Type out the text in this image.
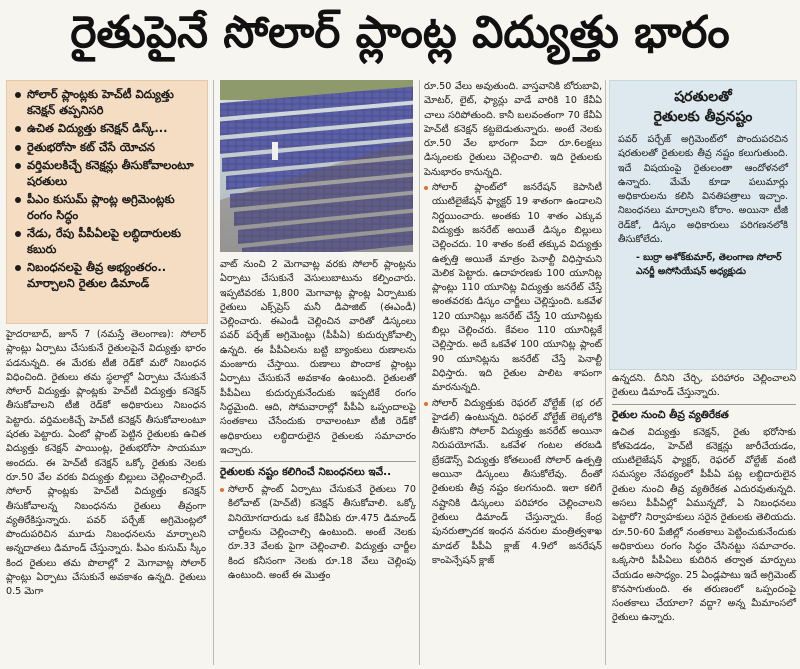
రైతుపైనే సోలార్ ప్లాంట్ల విద్యుత్తు భారం
సోలార్ ప్లాంట్లకు హెచ్‌టీ విద్యుత్తు కనెక్షన్ తప్పనిసరి
ఉచిత విద్యుత్తు కనెక్షన్ డిస్క్...
రైతుభరోసా కట్ చేసే యోచన
వర్తిమలకిచ్చే కనెక్షన్లు తీసుకోవాలంటూ షరతులు
పీఎం కుసుమ్ ప్లాంట్ల అగ్రిమెంట్లకు రంగం సిద్ధం
నేడు, రేపు పీపీఏలపై లబ్ధిదారులకు కబురు
నిబంధనలపై తీవ్ర అభ్యంతరం.. మార్చాలని రైతుల డిమాండ్

హైదరాబాద్, జూన్ 7 (నమస్తే తెలంగాణ): సోలార్ ప్లాంట్లు ఏర్పాటు చేసుకునే రైతులపైనే విద్యుత్తు భారం పడనున్నది. ఈ మేరకు టీజీ రెడ్‌కో మరో నిబంధన విధించింది. రైతులు తమ స్థలాల్లో ఏర్పాటు చేసుకునే సోలార్ విద్యుత్తు ప్లాంట్లకు హెచ్‌టీ విద్యుత్తు కనెక్షన్ తీసుకోవాలని టీజీ రెడ్‌కో అధికారులు నిబంధన పెట్టారు. వర్తిమలకిచ్చే హెచ్‌టీ కనెక్షన్ తీసుకోవాలంటూ షరతు పెట్టారు. ఏంటో ప్లాంట్ పెట్టిన రైతులకు ఉచిత విద్యుత్తు కనెక్షన్ పాయింట్ల, రైతుభరోసా సాయమూ అందదు. ఈ హెచ్‌టీ కనెక్షన్ ఒక్కో రైతుకు నెలకు రూ.50 వేల వరకు విద్యుత్తు బిల్లులు చెల్లించాల్సిందే. సోలార్ ప్లాంట్లకు హెచ్‌టీ విద్యుత్తు కనెక్షన్ తీసుకోవాలన్న నిబంధనను రైతులు తీవ్రంగా వ్యతిరేకిస్తున్నారు. పవర్ పర్చేజ్ అగ్రిమెంట్లలో పొందుపరిచిన మూడు నిబంధనలను మార్చాలని అన్నదాతలు డిమాండ్ చేస్తున్నారు. పీఎం కుసుమ్ స్కీం కింద రైతులు తమ పొలాల్లో 2 మెగావాట్ల సోలార్ ప్లాంట్లు ఏర్పాటు చేసుకునే అవకాశం ఉన్నది. రైతులు 0.5 మెగా

వాట్ నుంచి 2 మెగావాట్ల వరకు సోలార్ ప్లాంట్లను ఏర్పాటు చేసుకునే వెసులుబాటును కల్పించారు. ఇప్పటివరకు 1,800 మెగావాట్ల ప్లాంట్ల ఏర్పాటుకు రైతులు ఎక్స్‌ప్రెస్ మనీ డిపాజిట్ (ఈఎండీ) చెల్లించారు. ఈఎండీ చెల్లించిన వారితో డిస్కంలు పవర్ పర్చేజ్ అగ్రిమెంట్లు (పీపీఏ) కుదుర్చుకోవాల్సి ఉన్నది. ఈ పీపీఏలను బట్టి బ్యాంకులు రుణాలను మంజూరు చేస్తాయి. రుణాలు పొందాక ప్లాంట్లు ఏర్పాటు చేసుకునే అవకాశం ఉంటుంది. రైతులతో పీపీఏలు కుదుర్చుకునేందుకు ఇప్పటికే రంగం సిద్ధమైంది. ఆది, సోమవారాల్లో పీపీఏ ఒప్పందాలపై సంతకాలు చేసేందుకు రావాలంటూ టీజీ రెడ్‌కో అధికారులు లబ్ధిదారులైన రైతులకు సమాచారం ఇచ్చారు.

రైతులకు నష్టం కలిగించే నిబంధనలు ఇవే..

సోలార్ ప్లాంట్ ఏర్పాటు చేసుకునే రైతులు 70 కిలోవాట్ (హెచ్‌టీ) కనెక్షన్ తీసుకోవాలి. ఒక్కో వినియోగదారుడు ఒక కేవీఏకు రూ.475 డిమాండ్ చార్జీలను చెల్లించాల్సి ఉంటుంది. అంటే నెలకు రూ.33 వేలకు పైగా చెల్లించాలి. విద్యుత్తు చార్జీల కింద కనీసంగా నెలకు రూ.18 వేలు చెల్లింపు ఉంటుంది. అంటే ఈ మొత్తం

రూ.50 వేలు అవుతుంది. వాస్తవానికి బోరుబావి, మోటర్, లైట్, ఫ్యాన్లు వాడే వారికి 10 కేవీఏ చాలు సరిపోతుంది. కానీ బలవంతంగా 70 కేవీఏ హెచ్‌టీ కనెక్షన్ కట్టబెడుతున్నారు. అంటే నెలకు రూ.50 వేల భారంగా పేదా రూ.6లక్షలు డిస్కంలకు రైతులు చెల్లించాలి. ఇది రైతులకు పెనుభారం కానున్నది.

సోలార్ ప్లాంట్‌లో జనరేషన్ కెపాసిటీ యుటిలైజేషన్ ఫ్యాక్టర్ 19 శాతంగా ఉండాలని నిర్ణయించారు. అంతకు 10 శాతం ఎక్కువ విద్యుత్తు జనరేట్ అయితే డిస్కం బిల్లులు చెల్లించదు. 10 శాతం కంటే తక్కువ విద్యుత్తు ఉత్పత్తి అయితే మాత్రం పెనాల్టీ విధిస్తామని మెలిక పెట్టారు. ఉదాహరణకు 100 యూనిట్ల ప్లాంట్లు 110 యూనిట్ల విద్యుత్తు జనరేట్ చేస్తే అంతవరకు డిస్కం చార్జీలు చెల్లిస్తుంది. ఒకవేళ 120 యూనిట్లు జనరేట్ చేస్తే 10 యూనిట్లకు బిల్లు చెల్లించరు. కేవలం 110 యూనిట్లకే చెల్లిస్తారు. అదే ఒకవేళ 100 యూనిట్ల ప్లాంట్ 90 యూనిట్లను జనరేట్ చేస్తే పెనాల్టీ విధిస్తారు. ఇది రైతుల పాలిట శాపంగా మారనున్నది.

సోలార్ విద్యుత్తుకు రెఫరల్ వోల్టేజ్ (భ రల్ హైడల్) ఉంటున్నది. రిఫరల్ వోల్టేజ్ లెక్కలోకి తీసుకొని సోలార్ విద్యుత్తు జనరేట్ అయినా నిరుపయోగమే. ఒకవేళ గంటల తరబడి బ్రేకడౌన్స్ విద్యుత్తు కోతలుంటే సోలార్ ఉత్పత్తి అయినా డిస్కంలు తీసుకోలేవు. దీంతో రైతులకు తీవ్ర నష్టం కలగనుంది. ఇలా కలిగే నష్టానికి డిస్కంలు పరిహారం చెల్లించాలని రైతులు డిమాండ్ చేస్తున్నారు. కేంద్ర పునరుత్పాదక ఇంధన వనరుల మంత్రిత్వశాఖ మాడల్ పీపీఏ క్లాజ్ 4.9లో జనరేషన్ కాంపెన్సేషన్ క్లాజ్

షరతులతో
రైతులకు తీవ్రనష్టం
పవర్ పర్చేజ్ అగ్రిమెంట్‌లో పొందుపరచిన షరతులతో రైతులకు తీవ్ర నష్టం కలుగుతుంది. ఇదే విషయంపై రైతులంతా ఆందోళనలో ఉన్నారు. మేమే కూడా పలుమార్లు అధికారులను కలిసి వినతిపత్రాలు ఇచ్చాం. నిబంధనలు మార్చాలని కోరాం. అయినా టీజీ రెడ్‌కో, డిస్కం అధికారులు పరిగణనలోకి తీసుకోలేదు.
- బుర్రా అశోక్‌కుమార్, తెలంగాణ సోలార్ ఎనర్జీ అసోసియేషన్ అధ్యక్షుడు

ఉన్నదని. దీనిని చేర్చి, పరిహారం చెల్లించాలని రైతులు డిమాండ్ చేస్తున్నారు.

రైతుల నుంచి తీవ్ర వ్యతిరేకత

ఉచిత విద్యుత్తు కనెక్షన్, రైతు భరోసాకు కోతపెడడం, హెచ్‌టీ కనెక్షన్లు జారీచేయడం, యుటిలైజేషన్ ఫ్యాక్టర్, రెఫరల్ వోల్టేజ్ వంటి సమస్యల నేపథ్యంలో పీపీఏ పట్ల లబ్ధిదారులైన రైతుల నుంచి తీవ్ర వ్యతిరేకత ఎదురవుతున్నది. అసలు పీపీఏల్లో ఏమున్నదో, ఏ నిబంధనలు పెట్టారో? నిర్వాహకులు సరైన రైతులకు తెలియదు. రూ.50-60 పేజీల్లో నంతకాలు పెట్టించుకునేందుకు అధికారులు రంగం సిద్ధం చేసినట్టు సమాచారం. ఒక్కసారి పీపీఏలు కుదిరిన తర్వాత మార్పులు చేయడం అసాధ్యం. 25 ఏండ్లపాటు ఇదే అగ్రిమెంట్ కొనసాగుతుంది. ఈ తరుణంలో ఒప్పందంపై సంతకాలు చేయాలా? వద్దా? అన్న మీమాంసలో రైతులు ఉన్నారు.
